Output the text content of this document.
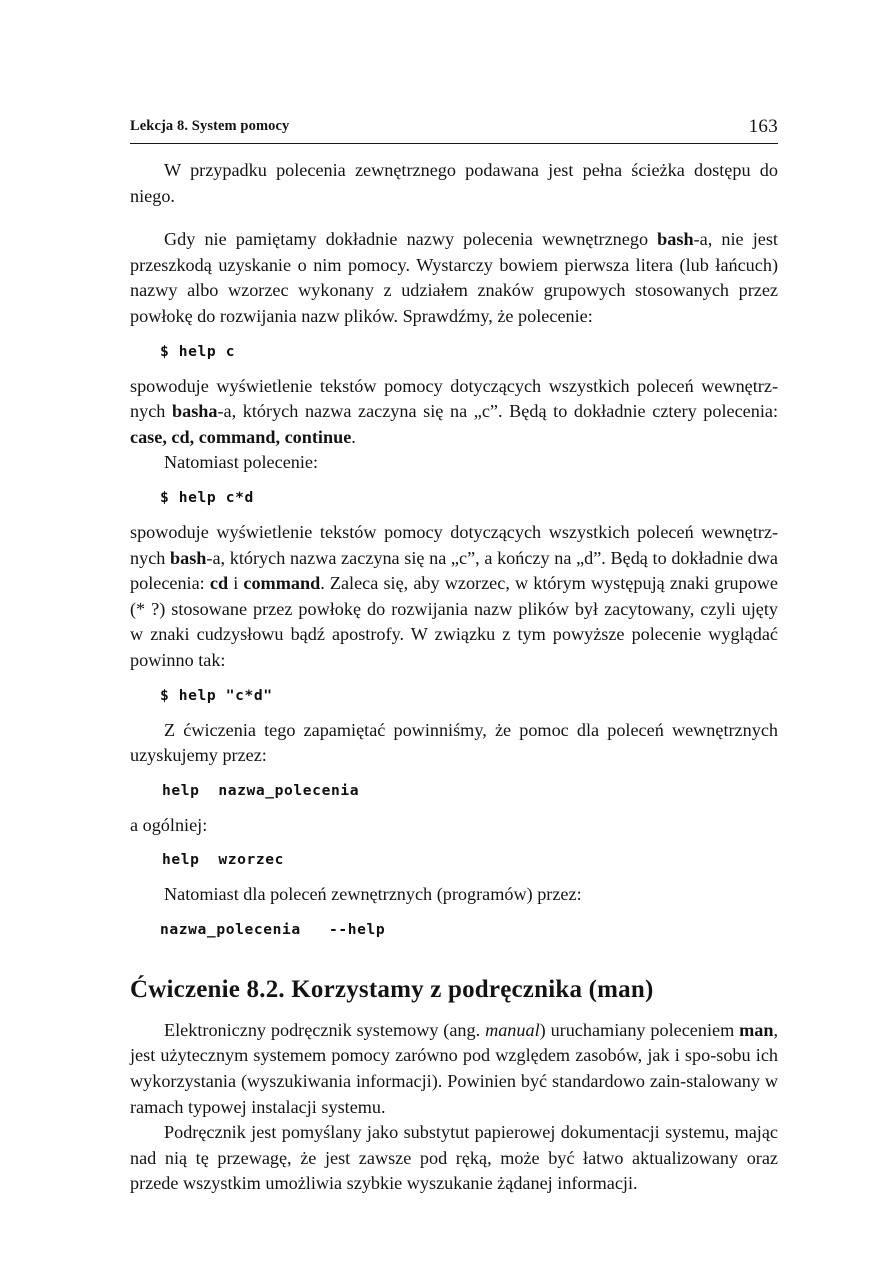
Lekcja 8. System pomocy	163

W przypadku polecenia zewnętrznego podawana jest pełna ścieżka dostępu do niego.

Gdy nie pamiętamy dokładnie nazwy polecenia wewnętrznego bash-a, nie jest przeszkodą uzyskanie o nim pomocy. Wystarczy bowiem pierwsza litera (lub łańcuch) nazwy albo wzorzec wykonany z udziałem znaków grupowych stosowanych przez powłokę do rozwijania nazw plików. Sprawdźmy, że polecenie:

$ help c

spowoduje wyświetlenie tekstów pomocy dotyczących wszystkich poleceń wewnętrz-nych basha-a, których nazwa zaczyna się na „c”. Będą to dokładnie cztery polecenia: case, cd, command, continue.

Natomiast polecenie:

$ help c*d

spowoduje wyświetlenie tekstów pomocy dotyczących wszystkich poleceń wewnętrz-nych bash-a, których nazwa zaczyna się na „c”, a kończy na „d”. Będą to dokładnie dwa polecenia: cd i command. Zaleca się, aby wzorzec, w którym występują znaki grupowe (* ?) stosowane przez powłokę do rozwijania nazw plików był zacytowany, czyli ujęty w znaki cudzysłowu bądź apostrofy. W związku z tym powyższe polecenie wyglądać powinno tak:

$ help "c*d"

Z ćwiczenia tego zapamiętać powinniśmy, że pomoc dla poleceń wewnętrznych uzyskujemy przez:

help  nazwa_polecenia

a ogólniej:

help  wzorzec

Natomiast dla poleceń zewnętrznych (programów) przez:

nazwa_polecenia   --help
Ćwiczenie 8.2. Korzystamy z podręcznika (man)

Elektroniczny podręcznik systemowy (ang. manual) uruchamiany poleceniem man, jest użytecznym systemem pomocy zarówno pod względem zasobów, jak i spo-sobu ich wykorzystania (wyszukiwania informacji). Powinien być standardowo zain-stalowany w ramach typowej instalacji systemu.

Podręcznik jest pomyślany jako substytut papierowej dokumentacji systemu, mając nad nią tę przewagę, że jest zawsze pod ręką, może być łatwo aktualizowany oraz przede wszystkim umożliwia szybkie wyszukanie żądanej informacji.
